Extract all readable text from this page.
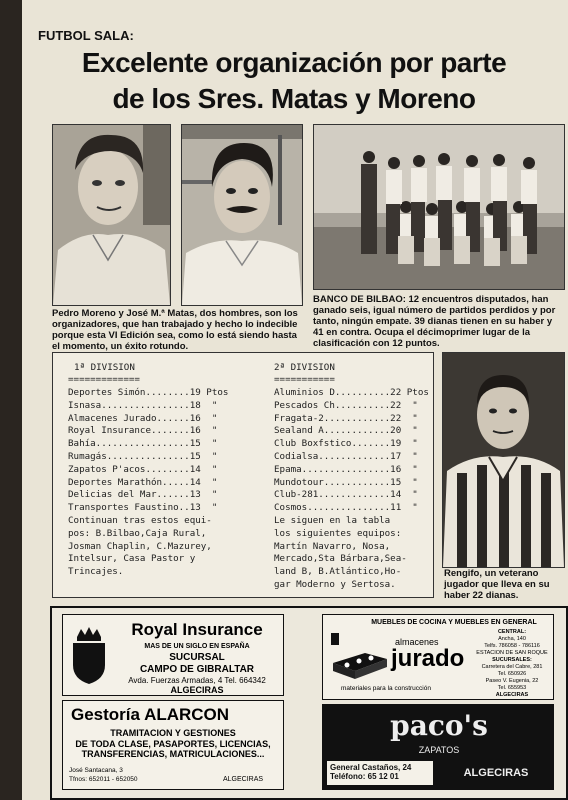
FUTBOL SALA:
Excelente organización por parte
de los Sres. Matas y Moreno
Pedro Moreno y José M.ª Matas, dos hombres, son los organizadores, que han trabajado y hecho lo indecible porque esta VI Edición sea, como lo está siendo hasta el momento, un éxito rotundo.
BANCO DE BILBAO: 12 encuentros disputados, han ganado seis, igual número de partidos perdidos y por tanto, ningún empate. 39 dianas tienen en su haber y 41 en contra. Ocupa el décimoprimer lugar de la clasificación con 12 puntos.
1ª DIVISION
=============
Deportes Simón........19 Ptos
Isnasa................18  "
Almacenes Jurado......16  "
Royal Insurance.......16  "
Bahía.................15  "
Rumagás...............15  "
Zapatos P'acos........14  "
Deportes Marathón.....14  "
Delicias del Mar......13  "
Transportes Faustino..13  "
Continuan tras estos equi-
pos: B.Bilbao,Caja Rural,
Josman Chaplin, C.Mazurey,
Intelsur, Casa Pastor y
Trincajes.
2ª DIVISION
===========
Aluminios D..........22 Ptos
Pescados Ch..........22  "
Fragata-2............22  "
Sealand A............20  "
Club Boxfstico.......19  "
Codialsa.............17  "
Epama................16  "
Mundotour............15  "
Club-281.............14  "
Cosmos...............11  "
Le siguen en la tabla
los siguientes equipos:
Martín Navarro, Nosa,
Mercado,Sta Bárbara,Sea-
land B, B.Atlántico,Ho-
gar Moderno y Sertosa.
Rengifo, un veterano jugador que lleva en su haber 22 dianas.
Royal Insurance
MAS DE UN SIGLO EN ESPAÑA
SUCURSAL
CAMPO DE GIBRALTAR
Avda. Fuerzas Armadas, 4 Tel. 664342
ALGECIRAS
Gestoría ALARCON
TRAMITACION Y GESTIONES
DE TODA CLASE, PASAPORTES, LICENCIAS,
TRANSFERENCIAS, MATRICULACIONES...
José Santacana, 3
Tfnos: 652011 - 652050	ALGECIRAS
MUEBLES DE COCINA Y MUEBLES EN GENERAL
almacenes
jurado
materiales para la construcción
CENTRAL:
Ancha, 140
Telfs. 786058 - 786116
ESTACION DE SAN ROQUE
SUCURSALES:
Carretera del Cabre, 281
Tel. 650926
Paseo V. Eugenia, 22
Tel. 655953
ALGECIRAS
paco's
ZAPATOS
General Castaños, 24
Teléfono: 65 12 01	ALGECIRAS
